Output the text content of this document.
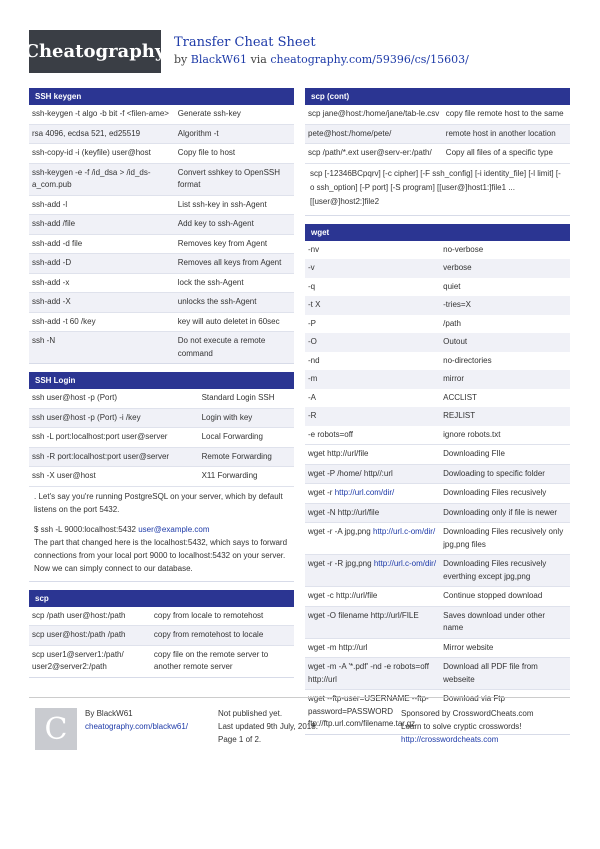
Cheatography Transfer Cheat Sheet
by BlackW61 via cheatography.com/59396/cs/15603/
SSH keygen
ssh-keygen -t algo -b bit -f <filen-ame>	Generate ssh-key
rsa 4096, ecdsa 521, ed25519	Algorithm -t
ssh-copy-id -i (keyfile) user@host	Copy file to host
ssh-keygen -e -f /id_dsa > /id_ds-a_com.pub	Convert sshkey to OpenSSH format
ssh-add -l	List ssh-key in ssh-Agent
ssh-add /file	Add key to ssh-Agent
ssh-add -d file	Removes key from Agent
ssh-add -D	Removes all keys from Agent
ssh-add -x	lock the ssh-Agent
ssh-add -X	unlocks the ssh-Agent
ssh-add -t 60 /key	key will auto deletet in 60sec
ssh -N	Do not execute a remote command
SSH Login
ssh user@host -p (Port)	Standard Login SSH
ssh user@host -p (Port) -i /key	Login with key
ssh -L port:localhost:port user@server	Local Forwarding
ssh -R port:localhost:port user@server	Remote Forwarding
ssh -X user@host	X11 Forwarding

. Let's say you're running PostgreSQL on your server, which by default listens on the port 5432.

$ ssh -L 9000:localhost:5432 user@example.com

The part that changed here is the localhost:5432, which says to forward connections from your local port 9000 to localhost:5432 on your server. Now we can simply connect to our database.

scp
scp /path user@host:/path	copy from locale to remotehost
scp user@host:/path /path	copy from remotehost to locale
scp user1@server1:/path/ user2@server2:/path	copy file on the remote server to another remote server
scp (cont)
scp jane@host:/home/jane/tab-le.csv	copy file remote host to the same
pete@host:/home/pete/	remote host in another location
scp /path/*.ext user@serv-er:/path/	Copy all files of a specific type
scp [-12346BCpqrv] [-c cipher] [-F ssh_config] [-i identity_file] [-l limit] [-o ssh_option] [-P port] [-S program] [[user@]host1:]file1 ... [[user@]host2:]file2
wget
-nv	no-verbose
-v	verbose
-q	quiet
-t X	-tries=X
-P	/path
-O	Outout
-nd	no-directories
-m	mirror
-A	ACCLIST
-R	REJLIST
-e robots=off	ignore robots.txt
wget http://url/file	Downloading FIle
wget -P /home/ http//:url	Dowloading to specific folder
wget -r http://url.com/dir/	Downloading Files recusively
wget -N http://url/file	Downloading only if file is newer
wget -r -A jpg,png http://url.c-om/dir/	Downloading Files recusively only jpg,png files
wget -r -R jpg,png http://url.c-om/dir/	Downloading Files recusively everthing except jpg,png
wget -c http://url/file	Continue stopped download
wget -O filename http://url/FILE	Saves download under other name
wget -m http://url	Mirror website
wget -m -A '*.pdf' -nd -e robots=off http://url	Download all PDF file from webseite
wget --ftp-user=USERNAME --ftp-password=PASSWORD ftp://ftp.url.com/filename.tar.gz	Download via Ftp
C	By BlackW61
cheatography.com/blackw61/
Not published yet.
Last updated 9th July, 2018.
Page 1 of 2.
Sponsored by CrosswordCheats.com
Learn to solve cryptic crosswords!
http://crosswordcheats.com
